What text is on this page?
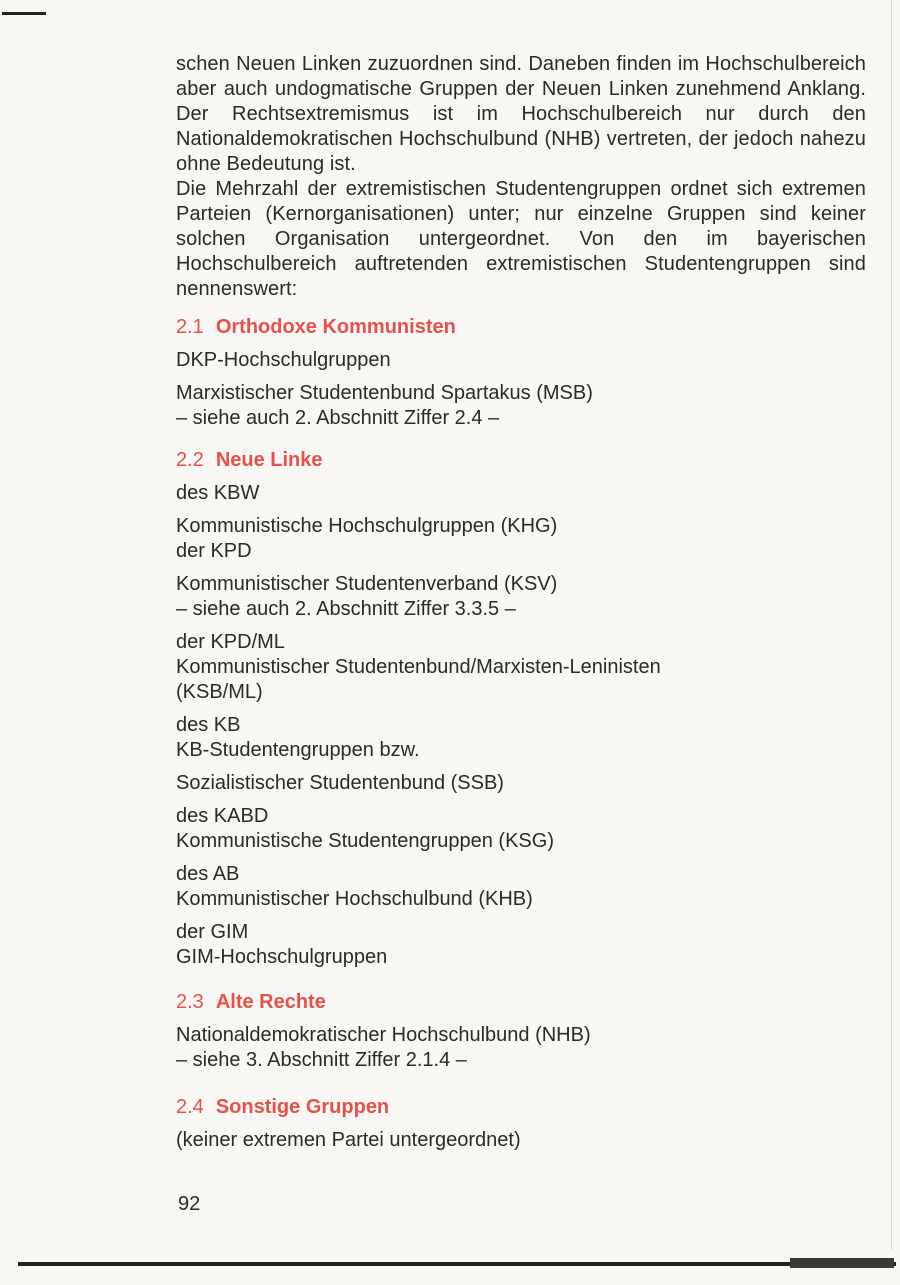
schen Neuen Linken zuzuordnen sind. Daneben finden im Hochschulbereich aber auch undogmatische Gruppen der Neuen Linken zunehmend Anklang. Der Rechtsextremismus ist im Hochschulbereich nur durch den Nationaldemokratischen Hochschulbund (NHB) vertreten, der jedoch nahezu ohne Bedeutung ist.

Die Mehrzahl der extremistischen Studentengruppen ordnet sich extremen Parteien (Kernorganisationen) unter; nur einzelne Gruppen sind keiner solchen Organisation untergeordnet. Von den im bayerischen Hochschulbereich auftretenden extremistischen Studentengruppen sind nennenswert:

2.1 Orthodoxe Kommunisten

DKP-Hochschulgruppen

Marxistischer Studentenbund Spartakus (MSB)

– siehe auch 2. Abschnitt Ziffer 2.4 –

2.2 Neue Linke

des KBW

Kommunistische Hochschulgruppen (KHG)

der KPD

Kommunistischer Studentenverband (KSV)

– siehe auch 2. Abschnitt Ziffer 3.3.5 –

der KPD/ML

Kommunistischer Studentenbund/Marxisten-Leninisten

(KSB/ML)

des KB

KB-Studentengruppen bzw.

Sozialistischer Studentenbund (SSB)

des KABD

Kommunistische Studentengruppen (KSG)

des AB

Kommunistischer Hochschulbund (KHB)

der GIM

GIM-Hochschulgruppen

2.3 Alte Rechte

Nationaldemokratischer Hochschulbund (NHB)

– siehe 3. Abschnitt Ziffer 2.1.4 –

2.4 Sonstige Gruppen

(keiner extremen Partei untergeordnet)

92
